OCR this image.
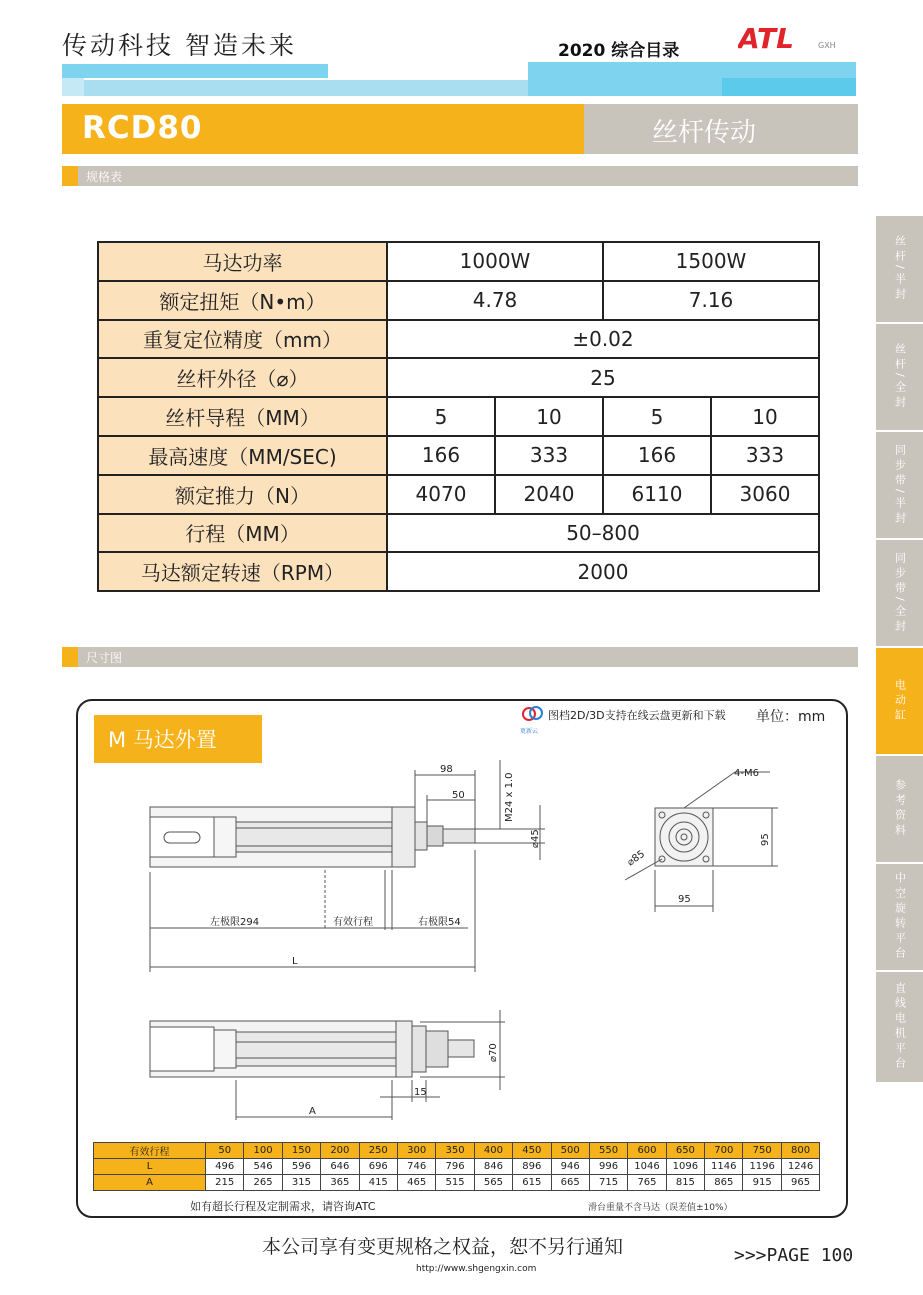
传动科技 智造未来	2020 综合目录 ATL	GXH
RCD80	丝杆传动
规格表
马达功率	1000W		1500W	
额定扭矩（N•m）	4.78		7.16	
重复定位精度（mm）	±0.02			
丝杆外径（⌀）	25			
丝杆导程（MM）	5	10	5	10
最高速度（MM/SEC)	166	333	166	333
额定推力（N）	4070	2040	6110	3060
行程（MM）	50–800			
马达额定转速（RPM）	2000			
丝杆/半封
丝杆/全封
同步带/半封
同步带/全封
电动缸
参考资料
中空旋转平台
直线电机平台
尺寸图
M 马达外置
图档2D/3D支持在线云盘更新和下载
更新云
单位：mm
98
50	M24 x 1.0
⌀45
左极限294	有效行程	右极限54
L
4-M6
⌀85
95
95
⌀70
15
A
有效行程	50	100	150	200	250	300	350	400	450	500	550	600	650	700	750	800
L	496	546	596	646	696	746	796	846	896	946	996	1046	1096	1146	1196	1246
A	215	265	315	365	415	465	515	565	615	665	715	765	815	865	915	965
如有超长行程及定制需求，请咨询ATC	滑台重量不含马达（误差值±10%）
本公司享有变更规格之权益，恕不另行通知	>>>PAGE 100
http://www.shgengxin.com
